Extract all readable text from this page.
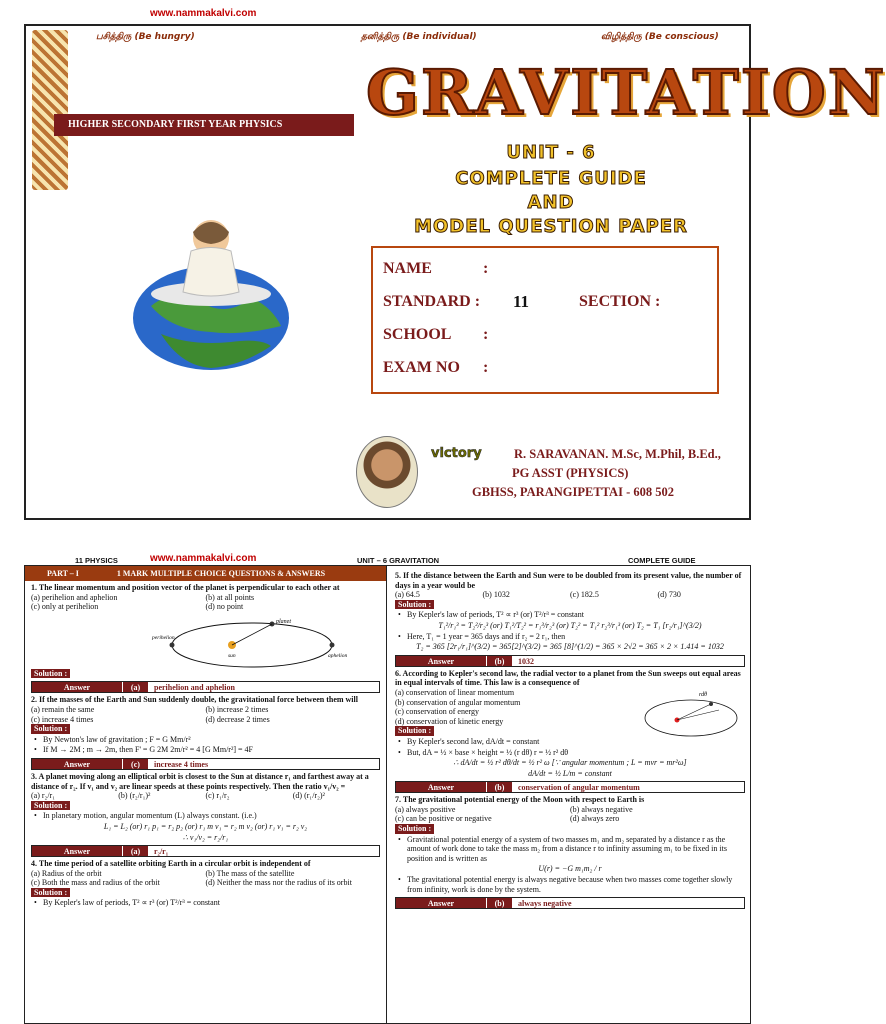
www.nammakalvi.com
பசித்திரு (Be hungry)	தனித்திரு (Be individual)	விழித்திரு (Be conscious)
GRAVITATION
HIGHER SECONDARY FIRST YEAR PHYSICS
UNIT - 6
COMPLETE GUIDE
AND
MODEL QUESTION PAPER
NAME	:
STANDARD : 11	SECTION :
SCHOOL :
EXAM NO :
victory	R. SARAVANAN. M.Sc, M.Phil, B.Ed.,
PG ASST (PHYSICS)
GBHSS, PARANGIPETTAI - 608 502
11 PHYSICS	www.nammakalvi.com	UNIT – 6 GRAVITATION	COMPLETE GUIDE
PART – I	1 MARK MULTIPLE CHOICE QUESTIONS & ANSWERS
1. The linear momentum and position vector of the planet is perpendicular to each other at
(a) perihelion and aphelion	(b) at all points
(c) only at perihelion	(d) no point
Solution :
planet
perihelion
aphelion
sun
Answer	(a)	perihelion and aphelion
2. If the masses of the Earth and Sun suddenly double, the gravitational force between them will
(a) remain the same	(b) increase 2 times
(c) increase 4 times	(d) decrease 2 times
Solution :
• By Newton's law of gravitation ; F = G Mm/r²
• If M → 2M ; m → 2m, then F' = G 2M 2m/r² = 4 [G Mm/r²] = 4F
Answer	(c)	increase 4 times
3. A planet moving along an elliptical orbit is closest to the Sun at distance r₁ and farthest away at a distance of r₂. If v₁ and v₂ are linear speeds at these points respectively. Then the ratio v₁/v₂ =
(a) r₂/r₁	(b) (r₂/r₁)²	(c) r₁/r₂	(d) (r₁/r₂)²
Solution :
• In planetary motion, angular momentum (L) always constant. (i.e.)
L₁ = L₂ (or) r₁ p₁ = r₂ p₂ (or) r₁ m v₁ = r₂ m v₂ (or) r₁ v₁ = r₂ v₂
∴ v₁/v₂ = r₂/r₁
Answer	(a)	r₂/r₁
4. The time period of a satellite orbiting Earth in a circular orbit is independent of
(a) Radius of the orbit	(b) The mass of the satellite
(c) Both the mass and radius of the orbit	(d) Neither the mass nor the radius of its orbit
Solution :
• By Kepler's law of periods, T² ∝ r³ (or) T²/r³ = constant
5. If the distance between the Earth and Sun were to be doubled from its present value, the number of days in a year would be
(a) 64.5	(b) 1032	(c) 182.5	(d) 730
Solution :
• By Kepler's law of periods, T² ∝ r³ (or) T²/r³ = constant
T₁²/r₁³ = T₂²/r₂³ (or) T₁²/T₂² = r₁³/r₂³ (or) T₂² = T₁² r₂³/r₁³ (or) T₂ = T₁ [r₂/r₁]^(3/2)
• Here, T₁ = 1 year = 365 days and if r₂ = 2 r₁, then
T₂ = 365 [2r₁/r₁]^(3/2) = 365[2]^(3/2) = 365 [8]^(1/2) = 365 × 2√2 = 365 × 2 × 1.414 = 1032
Answer	(b)	1032
6. According to Kepler's second law, the radial vector to a planet from the Sun sweeps out equal areas in equal intervals of time. This law is a consequence of
rdθ
(a) conservation of linear momentum
(b) conservation of angular momentum
(c) conservation of energy
(d) conservation of kinetic energy
Solution :
• By Kepler's second law, dA/dt = constant
• But, dA = ½ × base × height = ½ (r dθ) r = ½ r² dθ
∴ dA/dt = ½ r² dθ/dt = ½ r² ω [∵ angular momentum ; L = mvr = mr²ω]
dA/dt = ½ L/m = constant
Answer	(b)	conservation of angular momentum
7. The gravitational potential energy of the Moon with respect to Earth is
(a) always positive	(b) always negative
(c) can be positive or negative	(d) always zero
Solution :
• Gravitational potential energy of a system of two masses m₁ and m₂ separated by a distance r as the amount of work done to take the mass m₂ from a distance r to infinity assuming m₁ to be fixed in its position and is written as
U(r) = −G m₁m₂ / r
• The gravitational potential energy is always negative because when two masses come together slowly from infinity, work is done by the system.
Answer	(b)	always negative
